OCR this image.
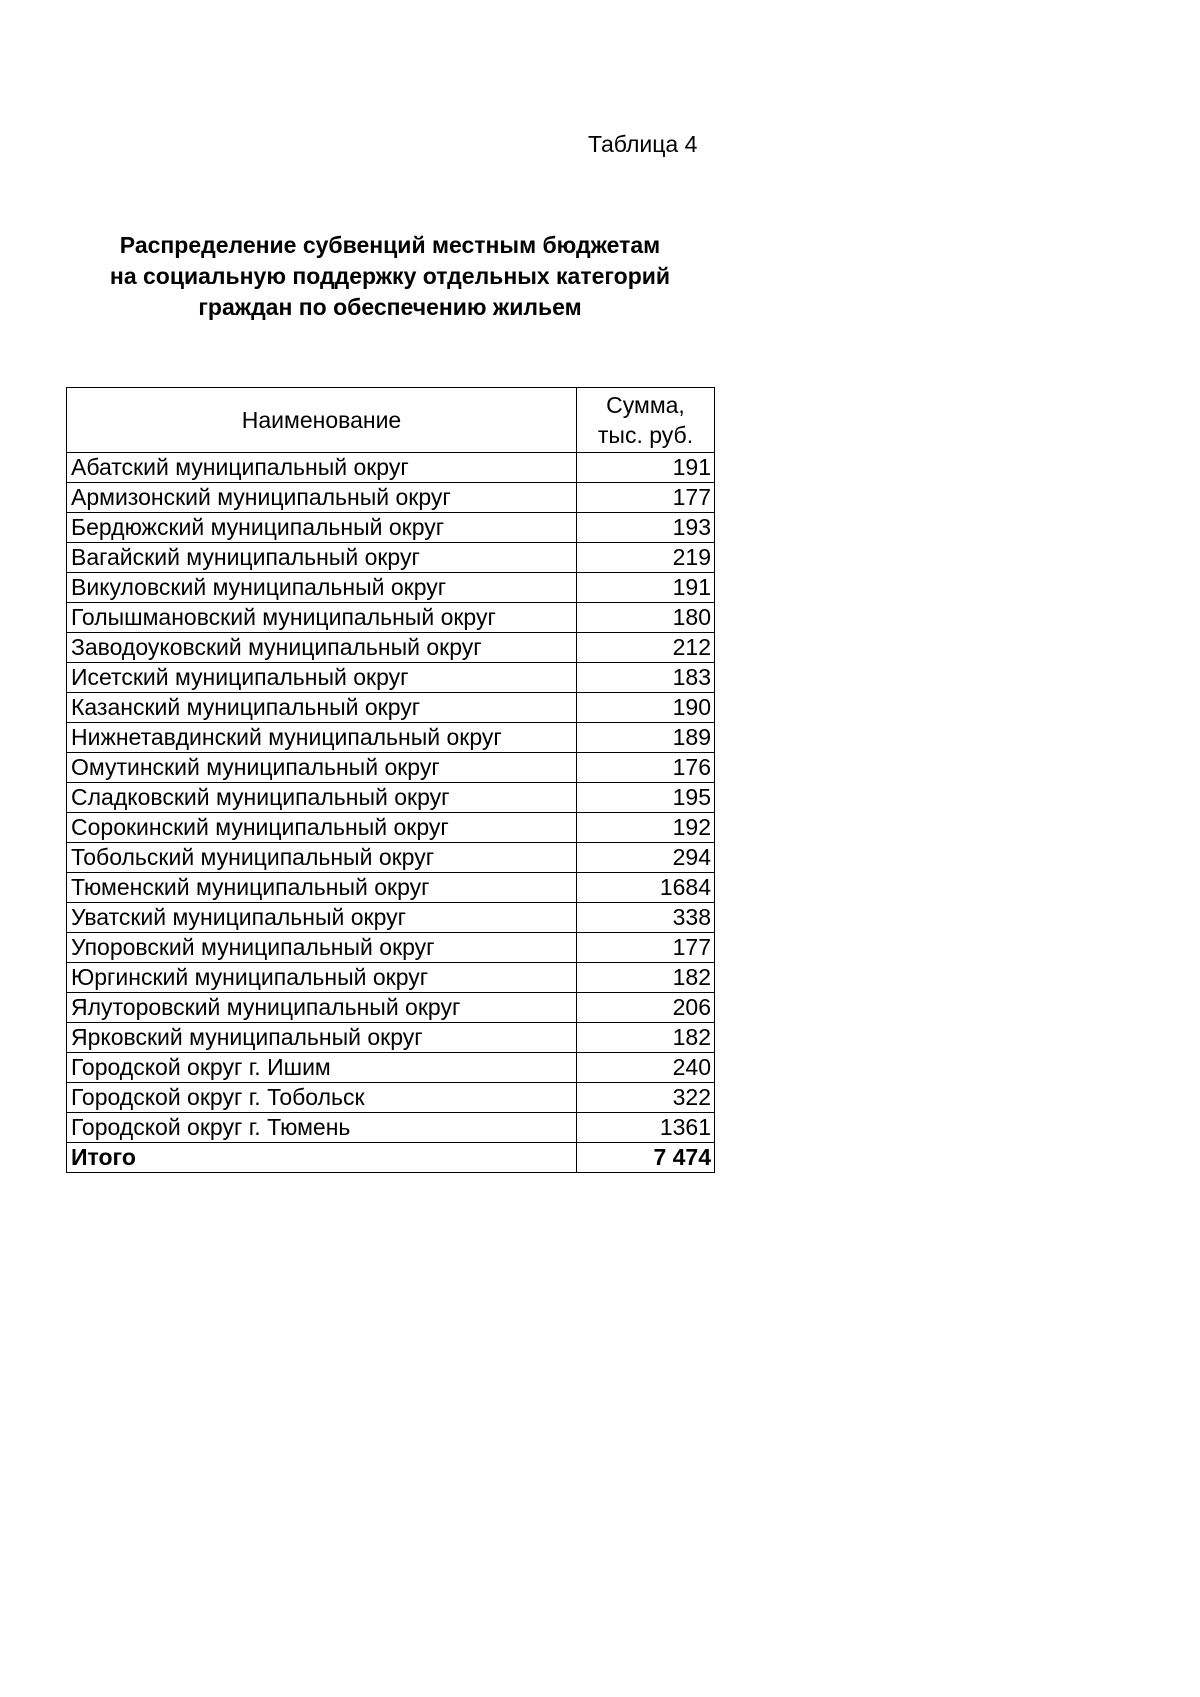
Таблица 4
Распределение субвенций местным бюджетам
на социальную поддержку отдельных категорий
граждан по обеспечению жильем
Наименование	Сумма,
тыс. руб.

Абатский муниципальный округ	191
Армизонский муниципальный округ	177
Бердюжский муниципальный округ	193
Вагайский муниципальный округ	219
Викуловский муниципальный округ	191
Голышмановский муниципальный округ	180
Заводоуковский муниципальный округ	212
Исетский муниципальный округ	183
Казанский муниципальный округ	190
Нижнетавдинский муниципальный округ	189
Омутинский муниципальный округ	176
Сладковский муниципальный округ	195
Сорокинский муниципальный округ	192
Тобольский муниципальный округ	294
Тюменский муниципальный округ	1684
Уватский муниципальный округ	338
Упоровский муниципальный округ	177
Юргинский муниципальный округ	182
Ялуторовский муниципальный округ	206
Ярковский муниципальный округ	182
Городской округ г. Ишим	240
Городской округ г. Тобольск	322
Городской округ г. Тюмень	1361
Итого	7 474
